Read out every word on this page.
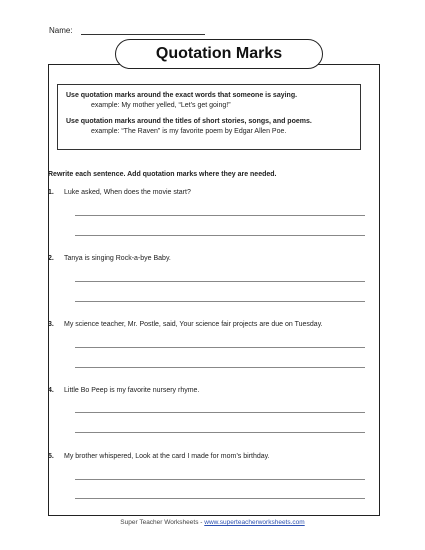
Name:
Quotation Marks
Use quotation marks around the exact words that someone is saying.
example: My mother yelled, “Let’s get going!”
Use quotation marks around the titles of short stories, songs, and poems.
example: “The Raven” is my favorite poem by Edgar Allen Poe.
Rewrite each sentence. Add quotation marks where they are needed.
1. Luke asked, When does the movie start?
2. Tanya is singing Rock-a-bye Baby.
3. My science teacher, Mr. Postle, said, Your science fair projects are due on Tuesday.
4. Little Bo Peep is my favorite nursery rhyme.
5. My brother whispered, Look at the card I made for mom’s birthday.
Super Teacher Worksheets - www.superteacherworksheets.com
